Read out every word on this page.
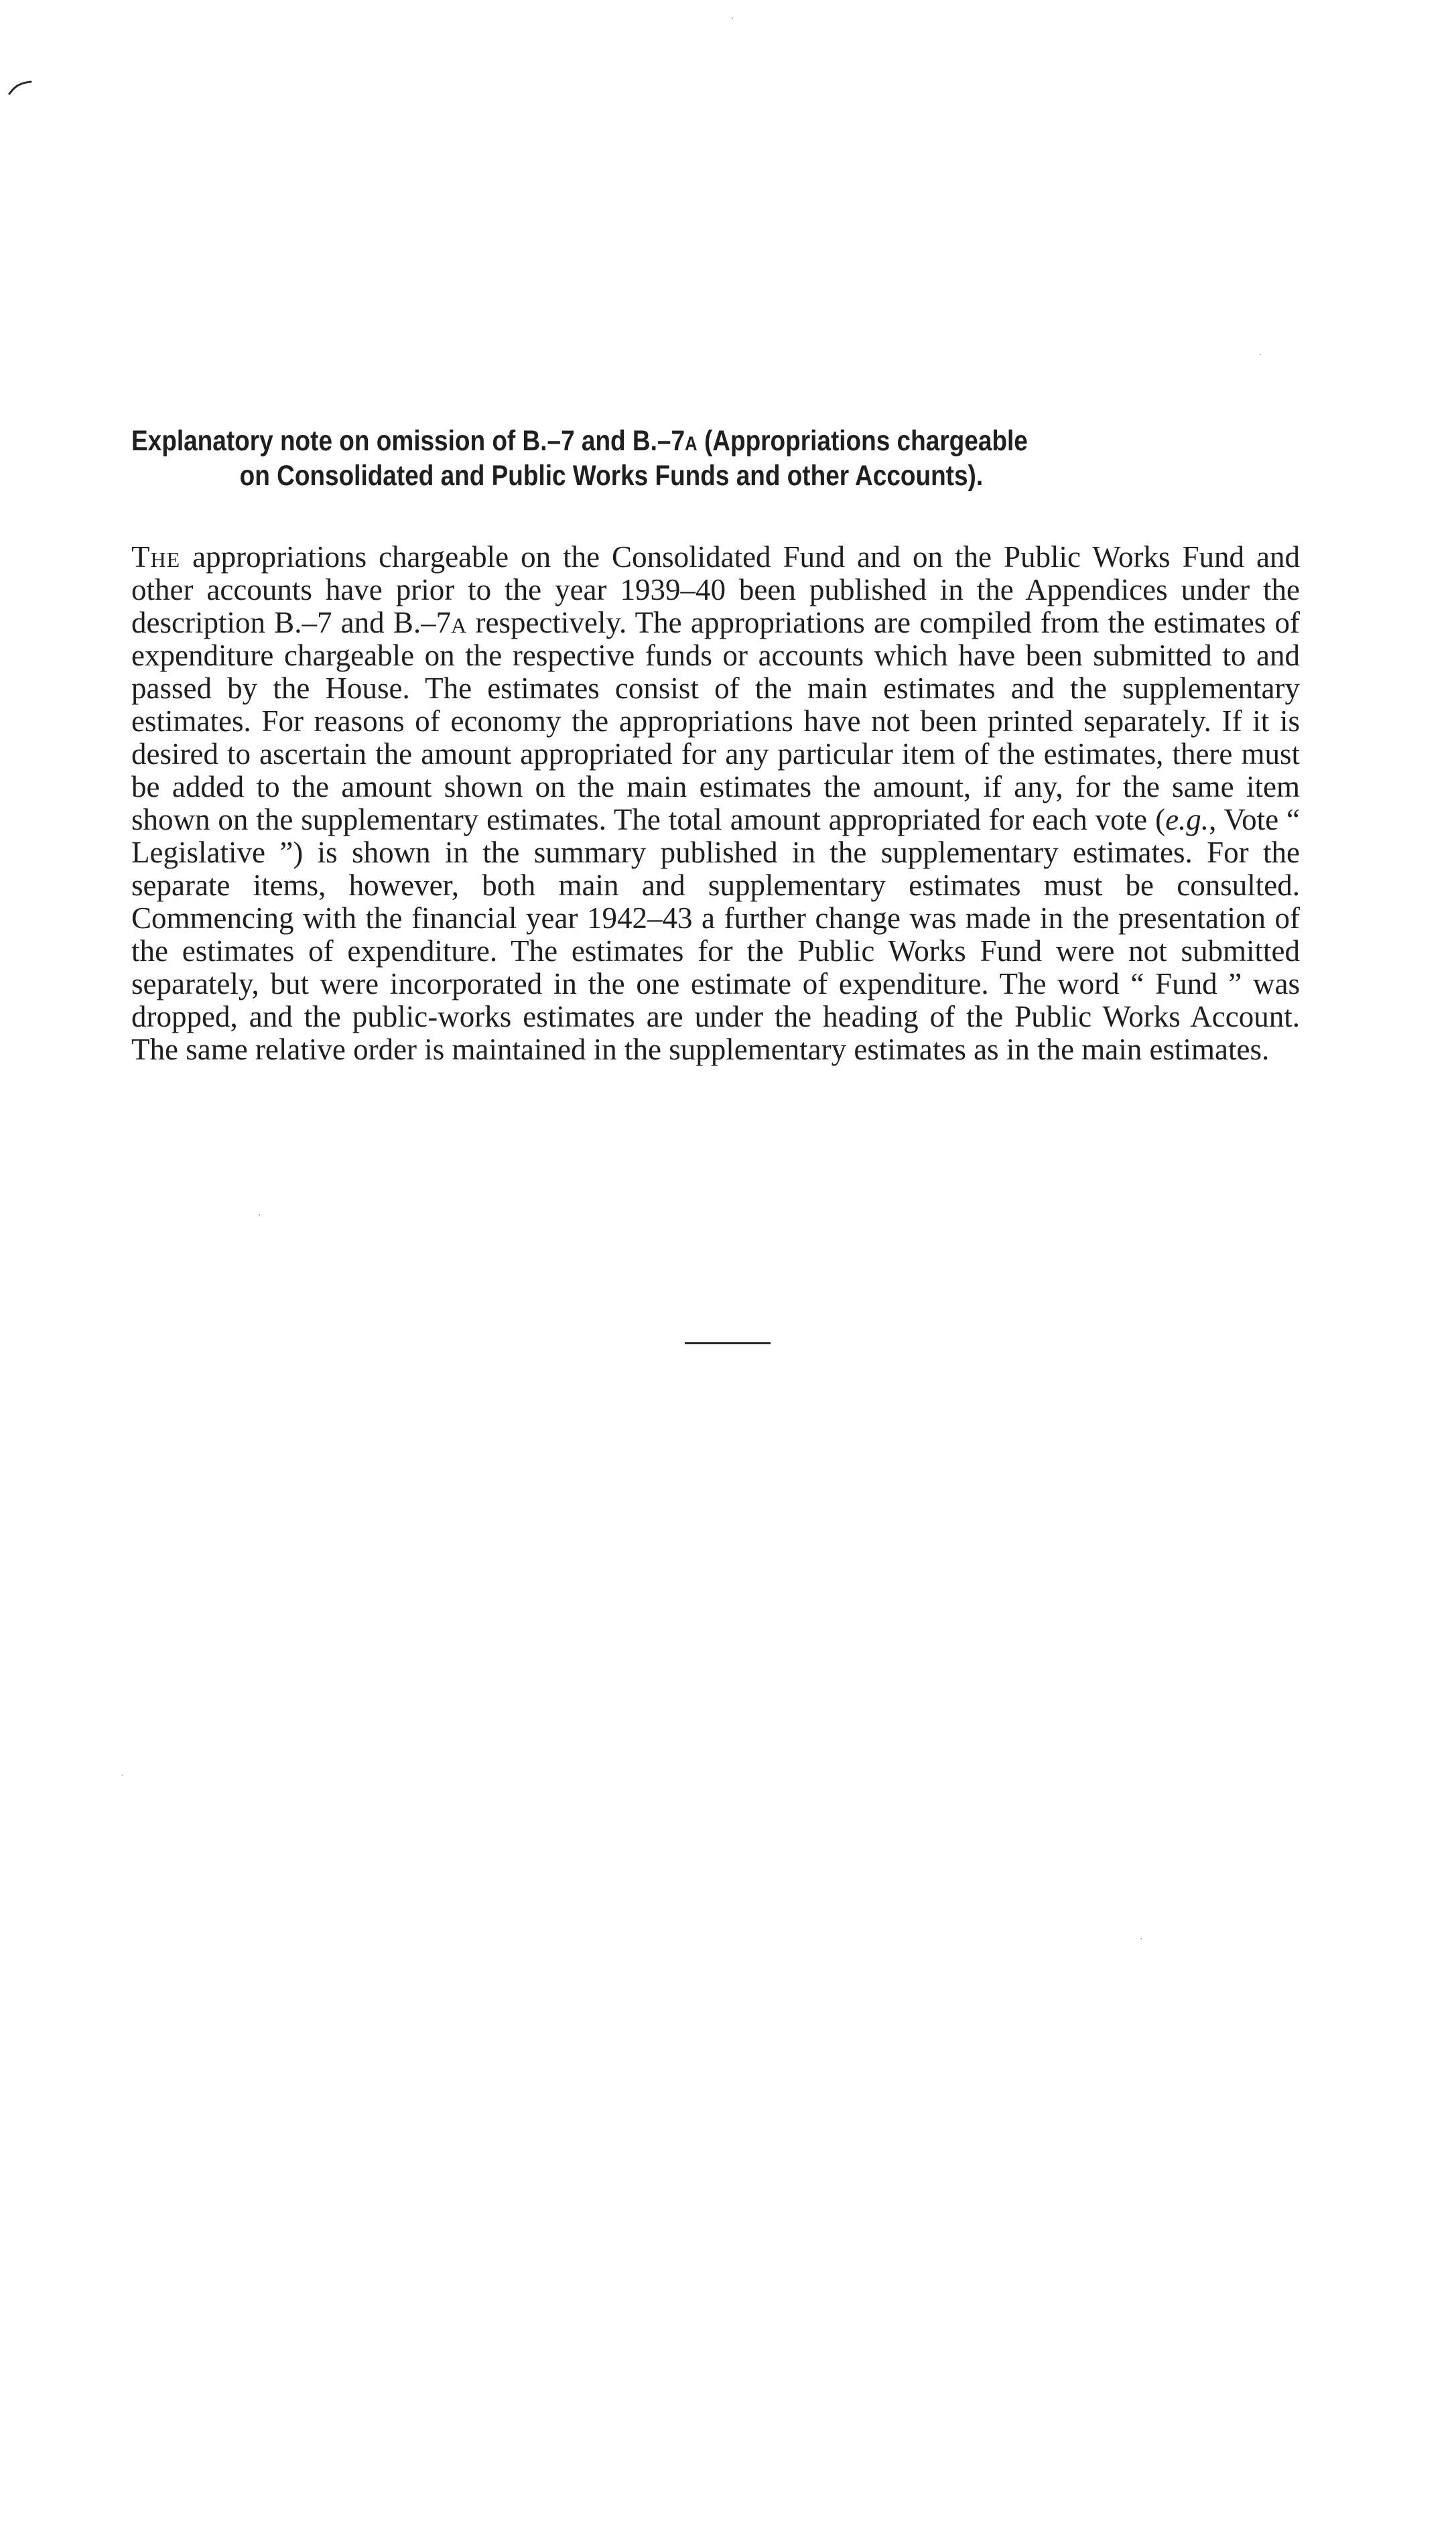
Explanatory note on omission of B.–7 and B.–7a (Appropriations chargeable
on Consolidated and Public Works Funds and other Accounts).

The appropriations chargeable on the Consolidated Fund and on the Public Works Fund and other accounts have prior to the year 1939–40 been published in the Appendices under the description B.–7 and B.–7a respectively. The appropriations are compiled from the estimates of expenditure chargeable on the respective funds or accounts which have been submitted to and passed by the House. The estimates consist of the main estimates and the supplementary estimates. For reasons of economy the appropriations have not been printed separately. If it is desired to ascertain the amount appropriated for any particular item of the estimates, there must be added to the amount shown on the main estimates the amount, if any, for the same item shown on the supplementary estimates. The total amount appropriated for each vote (e.g., Vote “ Legislative ”) is shown in the summary published in the supplementary estimates. For the separate items, however, both main and supplementary estimates must be consulted. Commencing with the financial year 1942–43 a further change was made in the presentation of the estimates of expenditure. The estimates for the Public Works Fund were not submitted separately, but were incorporated in the one estimate of expenditure. The word “ Fund ” was dropped, and the public-works estimates are under the heading of the Public Works Account. The same relative order is maintained in the supplementary estimates as in the main estimates.
